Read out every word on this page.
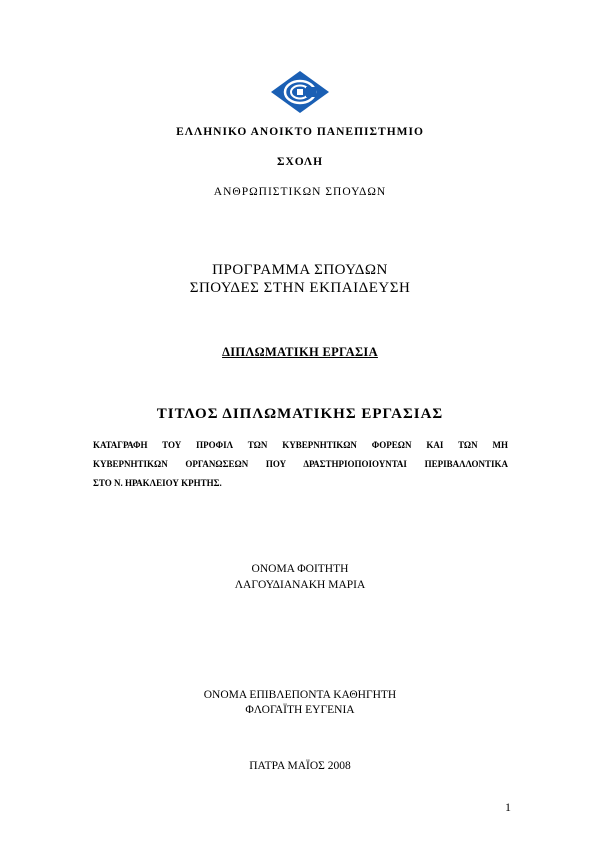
ΕΛΛΗΝΙΚΟ ΑΝΟΙΚΤΟ ΠΑΝΕΠΙΣΤΗΜΙΟ
ΣΧΟΛΗ
ΑΝΘΡΩΠΙΣΤΙΚΩΝ ΣΠΟΥΔΩΝ
ΠΡΟΓΡΑΜΜΑ ΣΠΟΥΔΩΝ
ΣΠΟΥΔΕΣ ΣΤΗΝ ΕΚΠΑΙΔΕΥΣΗ
ΔΙΠΛΩΜΑΤΙΚΗ ΕΡΓΑΣΙΑ
ΤΙΤΛΟΣ ΔΙΠΛΩΜΑΤΙΚΗΣ ΕΡΓΑΣΙΑΣ
ΚΑΤΑΓΡΑΦΗ ΤΟΥ ΠΡΟΦΙΛ ΤΩΝ ΚΥΒΕΡΝΗΤΙΚΩΝ ΦΟΡΕΩΝ ΚΑΙ ΤΩΝ ΜΗ
ΚΥΒΕΡΝΗΤΙΚΩΝ ΟΡΓΑΝΩΣΕΩΝ ΠΟΥ ΔΡΑΣΤΗΡΙΟΠΟΙΟΥΝΤΑΙ ΠΕΡΙΒΑΛΛΟΝΤΙΚΑ
ΣΤΟ Ν. ΗΡΑΚΛΕΙΟΥ ΚΡΗΤΗΣ.
ΟΝΟΜΑ ΦΟΙΤΗΤΗ
ΛΑΓΟΥΔΙΑΝΑΚΗ ΜΑΡΙΑ
ΟΝΟΜΑ ΕΠΙΒΛΕΠΟΝΤΑ ΚΑΘΗΓΗΤΗ
ΦΛΟΓΑΪΤΗ ΕΥΓΕΝΙΑ
ΠΑΤΡΑ ΜΑΪΟΣ 2008
1
